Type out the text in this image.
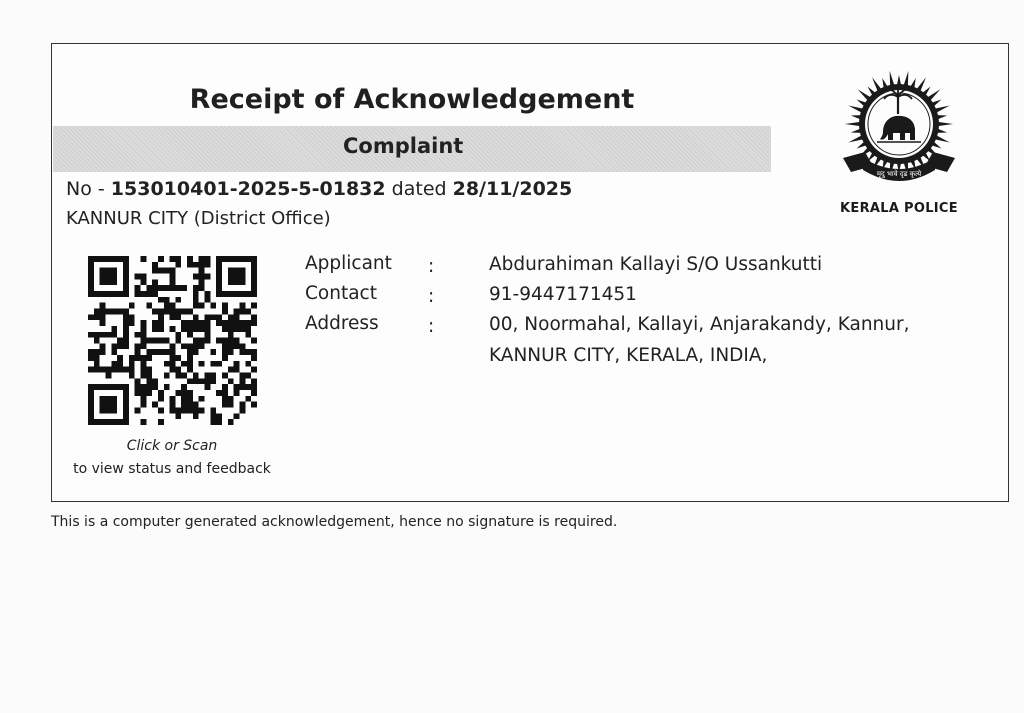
Receipt of Acknowledgement
Complaint
No - 153010401-2025-5-01832 dated 28/11/2025
KANNUR CITY (District Office)
मृदु भावे दृढ कृत्ये
KERALA POLICE
Click or Scan
to view status and feedback
Applicant :	Abdurahiman Kallayi S/O Ussankutti
Contact	:	91-9447171451
Address	:	00, Noormahal, Kallayi, Anjarakandy, Kannur,
KANNUR CITY, KERALA, INDIA,
This is a computer generated acknowledgement, hence no signature is required.
